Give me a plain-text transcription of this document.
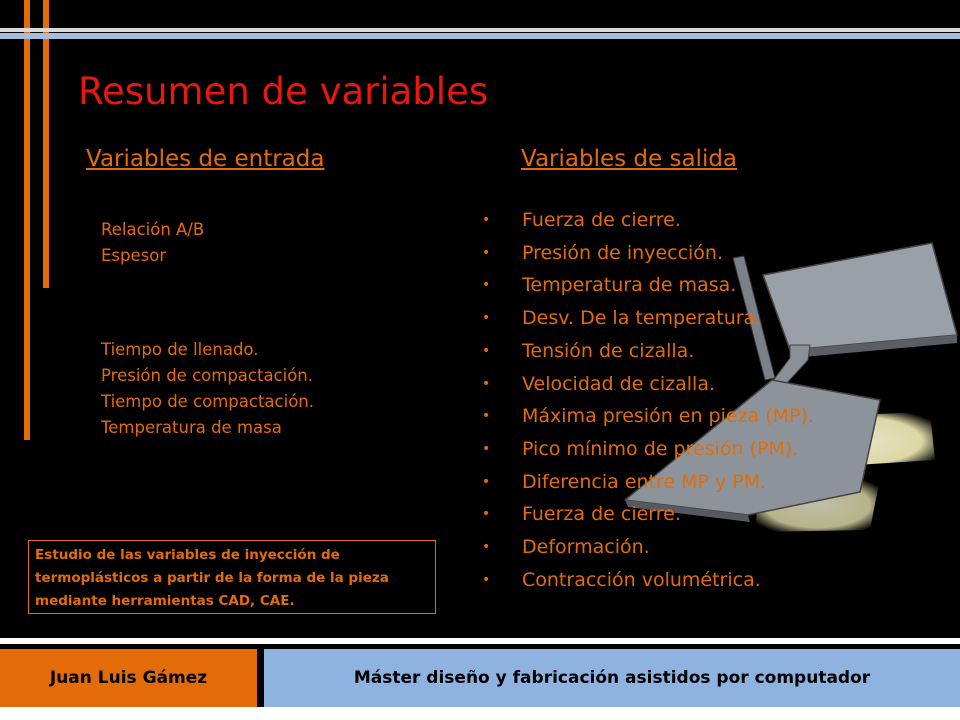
Resumen de variables
Variables de entrada	Variables de salida
Relación A/B
Espesor
Tiempo de llenado.
Presión de compactación.
Tiempo de compactación.
Temperatura de masa
• Fuerza de cierre.
• Presión de inyección.
• Temperatura de masa.
• Desv. De la temperatura.
• Tensión de cizalla.
• Velocidad de cizalla.
• Máxima presión en pieza (MP).
• Pico mínimo de presión (PM).
• Diferencia entre MP y PM.
• Fuerza de cierre.
• Deformación.
• Contracción volumétrica.
Estudio de las variables de inyección de termoplásticos a partir de la forma de la pieza mediante herramientas CAD, CAE.
Juan Luis Gámez	Máster diseño y fabricación asistidos por computador
